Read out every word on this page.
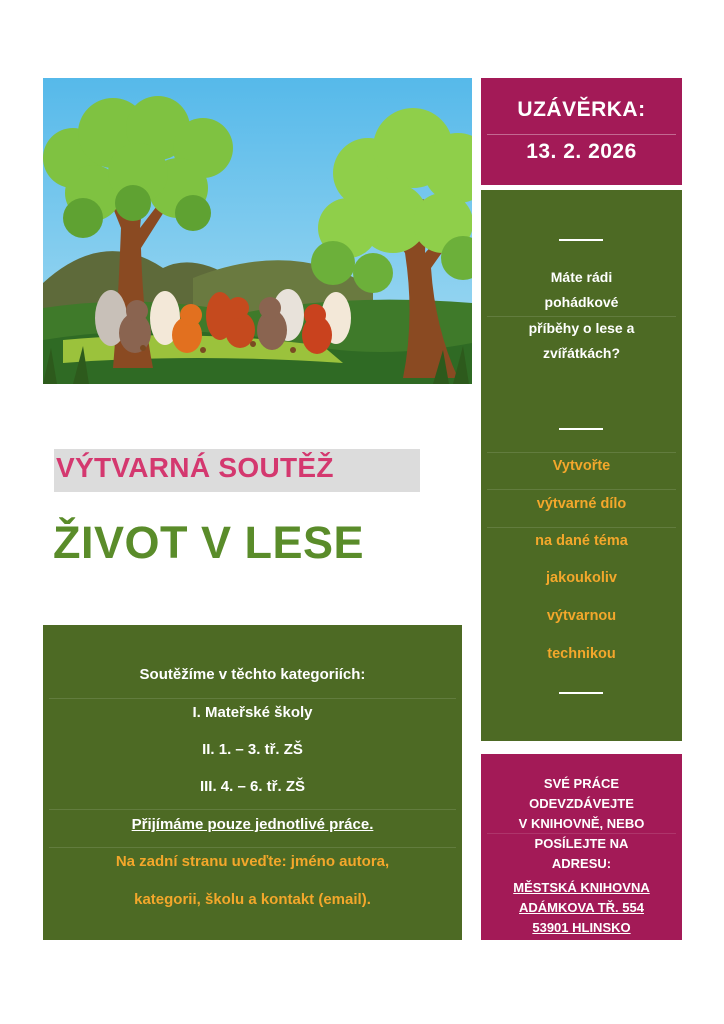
UZÁVĚRKA:
13. 2. 2026
Máte rádi
pohádkové
příběhy o lese a
zvířátkách?
Vytvořte
výtvarné dílo
na dané téma
jakoukoliv
výtvarnou
technikou
VÝTVARNÁ SOUTĚŽ
ŽIVOT V LESE
Soutěžíme v těchto kategoriích:
I. Mateřské školy
II. 1. – 3. tř. ZŠ
III. 4. – 6. tř. ZŠ
Přijímáme pouze jednotlivé práce.
Na zadní stranu uveďte: jméno autora,
kategorii, školu a kontakt (email).
SVÉ PRÁCE
ODEVZDÁVEJTE
V KNIHOVNĚ, NEBO
POSÍLEJTE NA
ADRESU:
MĚSTSKÁ KNIHOVNA
ADÁMKOVA TŘ. 554
53901 HLINSKO
